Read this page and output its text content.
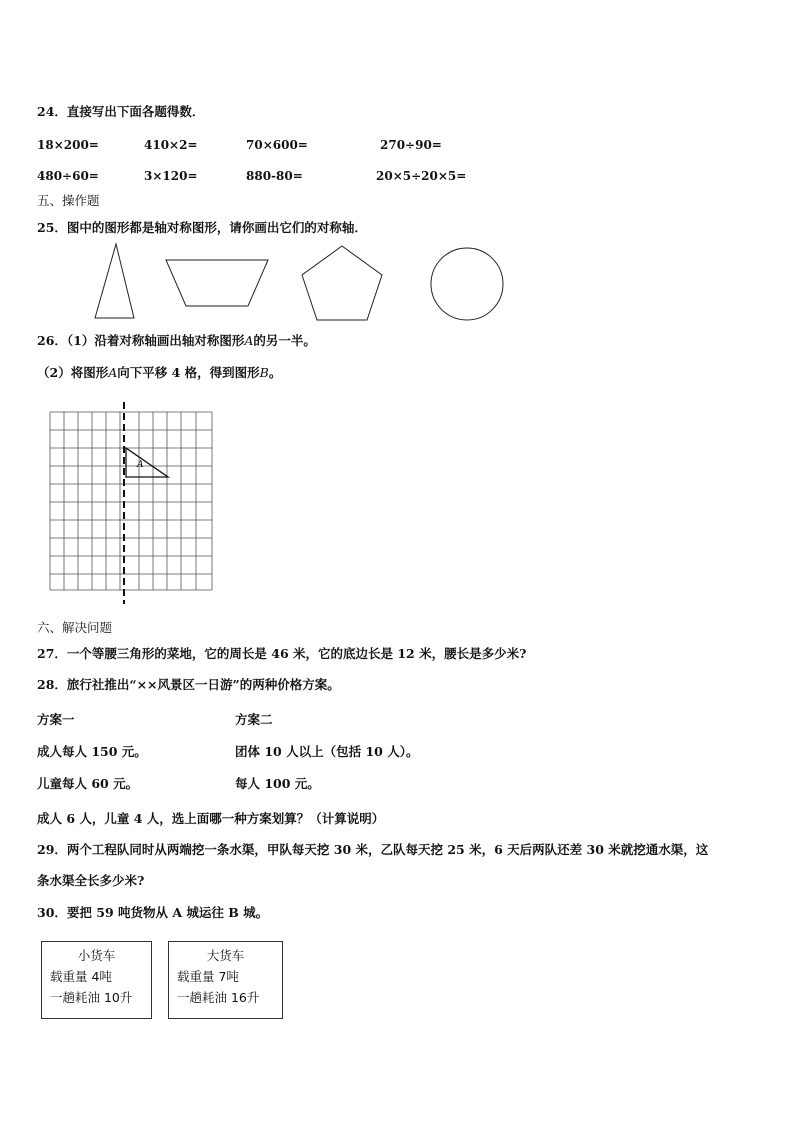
24．直接写出下面各题得数．
18×200=	410×2=	70×600=	270÷90=
480÷60=	3×120=	880-80=	20×5÷20×5=
五、操作题
25．图中的图形都是轴对称图形，请你画出它们的对称轴．
26．（1）沿着对称轴画出轴对称图形A的另一半。
（2）将图形A向下平移 4 格，得到图形B。
A
六、解决问题
27．一个等腰三角形的菜地，它的周长是 46 米，它的底边长是 12 米，腰长是多少米?
28．旅行社推出“××风景区一日游”的两种价格方案。
方案一	方案二
成人每人 150 元。	团体 10 人以上（包括 10 人）。
儿童每人 60 元。	每人 100 元。
成人 6 人，儿童 4 人，选上面哪一种方案划算？（计算说明）
29．两个工程队同时从两端挖一条水渠，甲队每天挖 30 米，乙队每天挖 25 米，6 天后两队还差 30 米就挖通水渠，这
条水渠全长多少米?
30．要把 59 吨货物从 A 城运往 B 城。
小货车
载重量 4吨
一趟耗油 10升
大货车
载重量 7吨
一趟耗油 16升
